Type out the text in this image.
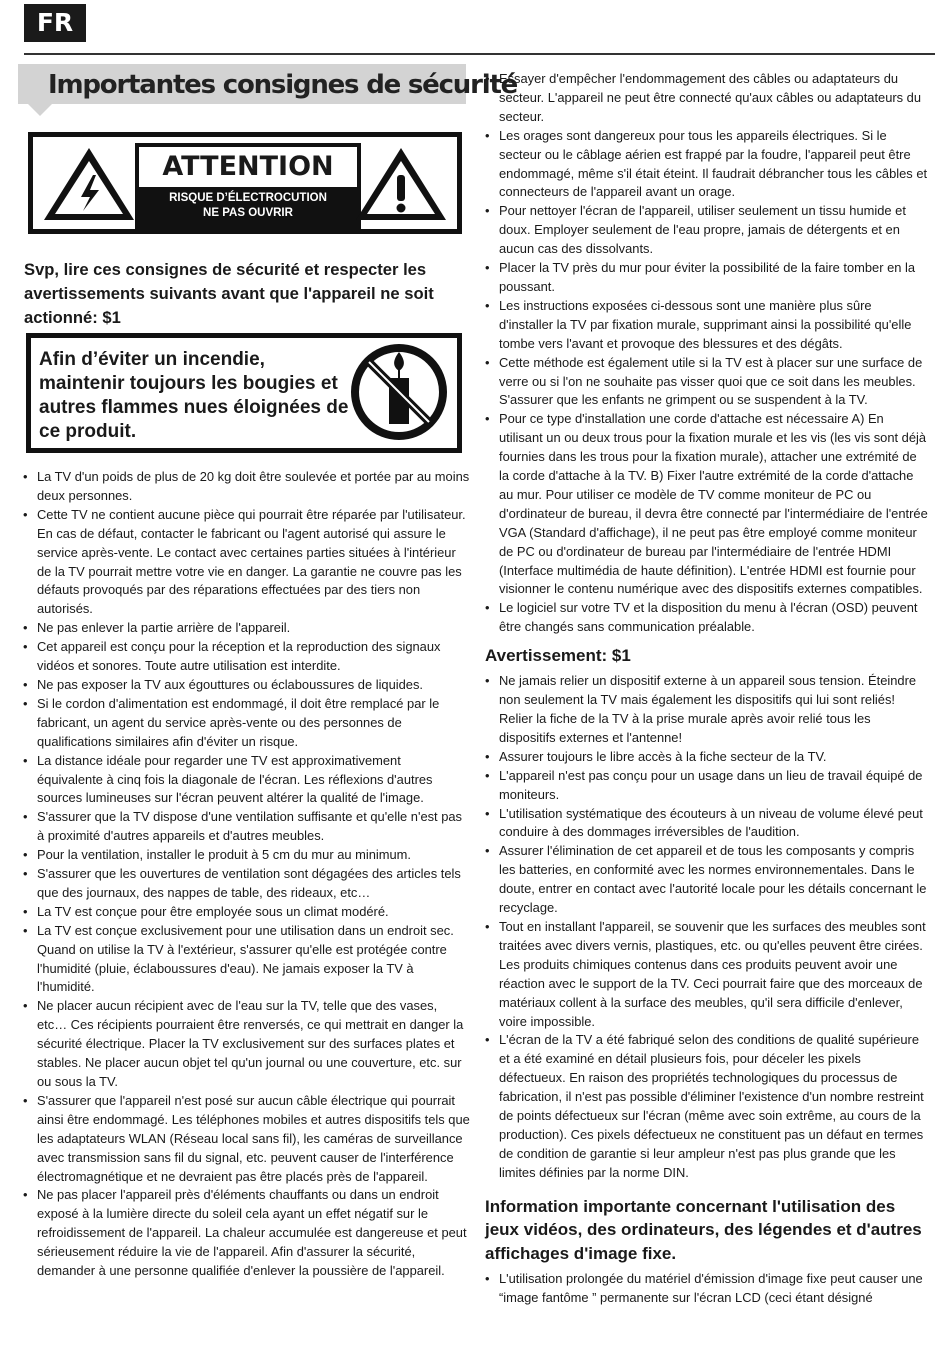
FR
Importantes consignes de sécurité
ATTENTION
RISQUE D’ÉLECTROCUTION
NE PAS OUVRIR
Svp, lire ces consignes de sécurité et respecter les avertissements suivants avant que l'appareil ne soit actionné: $1
Afin d’éviter un incendie, maintenir toujours les bougies et autres flammes nues éloignées de ce produit.
• La TV d'un poids de plus de 20 kg doit être soulevée et portée par au moins deux personnes.
• Cette TV ne contient aucune pièce qui pourrait être réparée par l'utilisateur. En cas de défaut, contacter le fabricant ou l'agent autorisé qui assure le service après-vente. Le contact avec certaines parties situées à l'intérieur de la TV pourrait mettre votre vie en danger. La garantie ne couvre pas les défauts provoqués par des réparations effectuées par des tiers non autorisés.
• Ne pas enlever la partie arrière de l'appareil.
• Cet appareil est conçu pour la réception et la reproduction des signaux vidéos et sonores. Toute autre utilisation est interdite.
• Ne pas exposer la TV aux égouttures ou éclaboussures de liquides.
• Si le cordon d'alimentation est endommagé, il doit être remplacé par le fabricant, un agent du service après-vente ou des personnes de qualifications similaires afin d'éviter un risque.
• La distance idéale pour regarder une TV est approximativement équivalente à cinq fois la diagonale de l'écran. Les réflexions d'autres sources lumineuses sur l'écran peuvent altérer la qualité de l'image.
• S'assurer que la TV dispose d'une ventilation suffisante et qu'elle n'est pas à proximité d'autres appareils et d'autres meubles.
• Pour la ventilation, installer le produit à 5 cm du mur au minimum.
• S'assurer que les ouvertures de ventilation sont dégagées des articles tels que des journaux, des nappes de table, des rideaux, etc…
• La TV est conçue pour être employée sous un climat modéré.
• La TV est conçue exclusivement pour une utilisation dans un endroit sec. Quand on utilise la TV à l'extérieur, s'assurer qu'elle est protégée contre l'humidité (pluie, éclaboussures d'eau). Ne jamais exposer la TV à l'humidité.
• Ne placer aucun récipient avec de l'eau sur la TV, telle que des vases, etc… Ces récipients pourraient être renversés, ce qui mettrait en danger la sécurité électrique. Placer la TV exclusivement sur des surfaces plates et stables. Ne placer aucun objet tel qu'un journal ou une couverture, etc. sur ou sous la TV.
• S'assurer que l'appareil n'est posé sur aucun câble électrique qui pourrait ainsi être endommagé. Les téléphones mobiles et autres dispositifs tels que les adaptateurs WLAN (Réseau local sans fil), les caméras de surveillance avec transmission sans fil du signal, etc. peuvent causer de l'interférence électromagnétique et ne devraient pas être placés près de l'appareil.
• Ne pas placer l'appareil près d'éléments chauffants ou dans un endroit exposé à la lumière directe du soleil cela ayant un effet négatif sur le refroidissement de l'appareil. La chaleur accumulée est dangereuse et peut sérieusement réduire la vie de l'appareil. Afin d'assurer la sécurité, demander à une personne qualifiée d'enlever la poussière de l'appareil.
• Essayer d'empêcher l'endommagement des câbles ou adaptateurs du secteur. L'appareil ne peut être connecté qu'aux câbles ou adaptateurs du secteur.
• Les orages sont dangereux pour tous les appareils électriques. Si le secteur ou le câblage aérien est frappé par la foudre, l'appareil peut être endommagé, même s'il était éteint. Il faudrait débrancher tous les câbles et connecteurs de l'appareil avant un orage.
• Pour nettoyer l'écran de l'appareil, utiliser seulement un tissu humide et doux. Employer seulement de l'eau propre, jamais de détergents et en aucun cas des dissolvants.
• Placer la TV près du mur pour éviter la possibilité de la faire tomber en la poussant.
• Les instructions exposées ci-dessous sont une manière plus sûre d'installer la TV par fixation murale, supprimant ainsi la possibilité qu'elle tombe vers l'avant et provoque des blessures et des dégâts.
• Cette méthode est également utile si la TV est à placer sur une surface de verre ou si l'on ne souhaite pas visser quoi que ce soit dans les meubles. S'assurer que les enfants ne grimpent ou se suspendent à la TV.
• Pour ce type d'installation une corde d'attache est nécessaire A) En utilisant un ou deux trous pour la fixation murale et les vis (les vis sont déjà fournies dans les trous pour la fixation murale), attacher une extrémité de la corde d'attache à la TV. B) Fixer l'autre extrémité de la corde d'attache au mur. Pour utiliser ce modèle de TV comme moniteur de PC ou d'ordinateur de bureau, il devra être connecté par l'intermédiaire de l'entrée VGA (Standard d'affichage), il ne peut pas être employé comme moniteur de PC ou d'ordinateur de bureau par l'intermédiaire de l'entrée HDMI (Interface multimédia de haute définition). L'entrée HDMI est fournie pour visionner le contenu numérique avec des dispositifs externes compatibles.
• Le logiciel sur votre TV et la disposition du menu à l'écran (OSD) peuvent être changés sans communication préalable.
Avertissement: $1
• Ne jamais relier un dispositif externe à un appareil sous tension. Éteindre non seulement la TV mais également les dispositifs qui lui sont reliés! Relier la fiche de la TV à la prise murale après avoir relié tous les dispositifs externes et l'antenne!
• Assurer toujours le libre accès à la fiche secteur de la TV.
• L'appareil n'est pas conçu pour un usage dans un lieu de travail équipé de moniteurs.
• L'utilisation systématique des écouteurs à un niveau de volume élevé peut conduire à des dommages irréversibles de l'audition.
• Assurer l'élimination de cet appareil et de tous les composants y compris les batteries, en conformité avec les normes environnementales. Dans le doute, entrer en contact avec l'autorité locale pour les détails concernant le recyclage.
• Tout en installant l'appareil, se souvenir que les surfaces des meubles sont traitées avec divers vernis, plastiques, etc. ou qu'elles peuvent être cirées. Les produits chimiques contenus dans ces produits peuvent avoir une réaction avec le support de la TV. Ceci pourrait faire que des morceaux de matériaux collent à la surface des meubles, qu'il sera difficile d'enlever, voire impossible.
• L'écran de la TV a été fabriqué selon des conditions de qualité supérieure et a été examiné en détail plusieurs fois, pour déceler les pixels défectueux. En raison des propriétés technologiques du processus de fabrication, il n'est pas possible d'éliminer l'existence d'un nombre restreint de points défectueux sur l'écran (même avec soin extrême, au cours de la production). Ces pixels défectueux ne constituent pas un défaut en termes de condition de garantie si leur ampleur n'est pas plus grande que les limites définies par la norme DIN.
Information importante concernant l'utilisation des jeux vidéos, des ordinateurs, des légendes et d'autres affichages d'image fixe.
• L'utilisation prolongée du matériel d'émission d'image fixe peut causer une “image fantôme ” permanente sur l'écran LCD (ceci étant désigné
